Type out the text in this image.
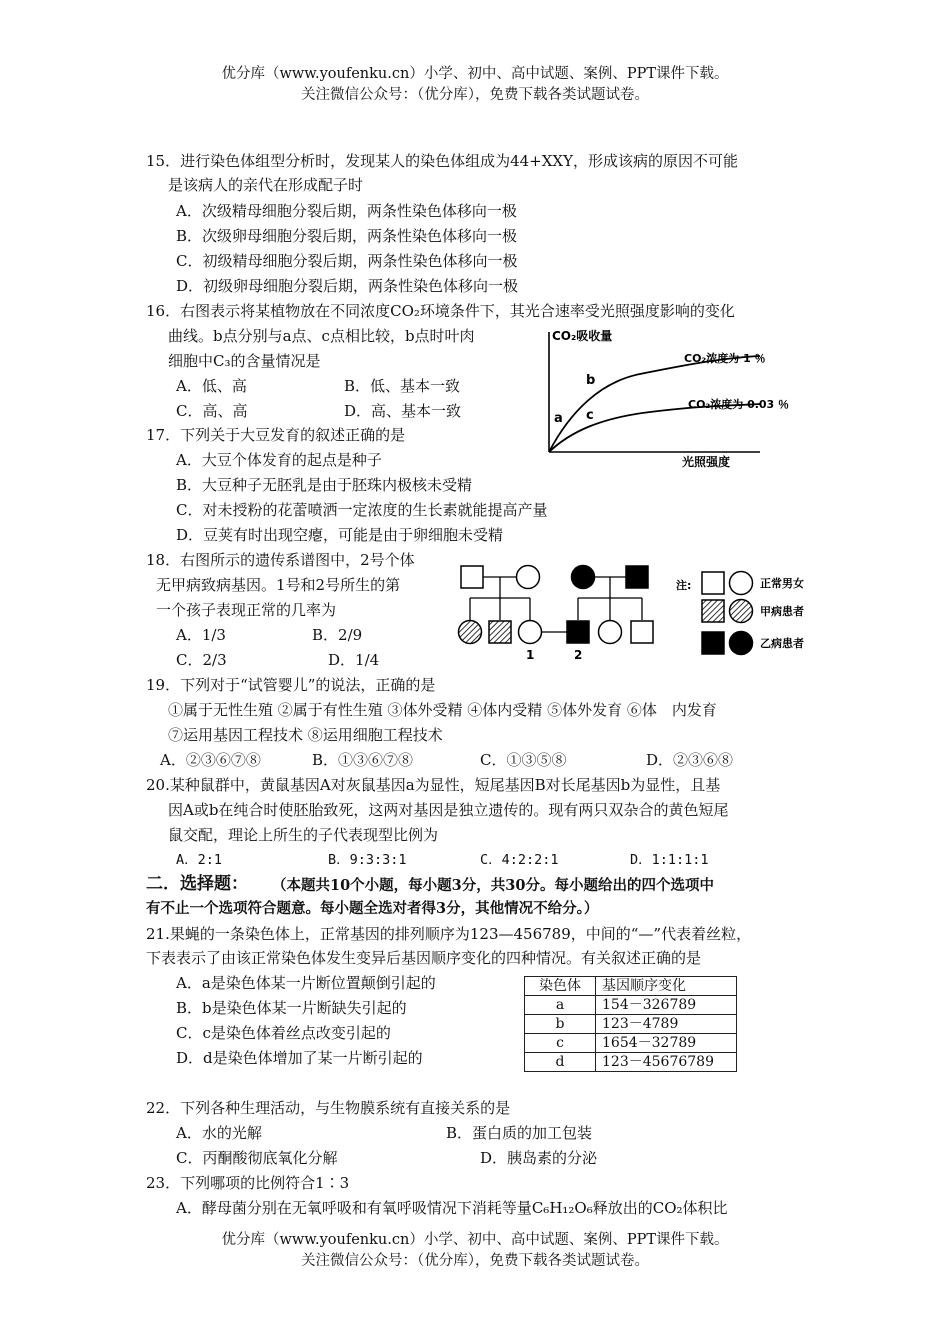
优分库（www.youfenku.cn）小学、初中、高中试题、案例、PPT课件下载。
关注微信公众号：（优分库），免费下载各类试题试卷。
15．进行染色体组型分析时，发现某人的染色体组成为44+XXY，形成该病的原因不可能
是该病人的亲代在形成配子时
A．次级精母细胞分裂后期，两条性染色体移向一极
B．次级卵母细胞分裂后期，两条性染色体移向一极
C．初级精母细胞分裂后期，两条性染色体移向一极
D．初级卵母细胞分裂后期，两条性染色体移向一极
16．右图表示将某植物放在不同浓度CO₂环境条件下，其光合速率受光照强度影响的变化
曲线。b点分别与a点、c点相比较，b点时叶肉
细胞中C₃的含量情况是
A．低、高	B．低、基本一致
C．高、高	D．高、基本一致
CO₂吸收量
光照强度
CO₂浓度为 1 ％
CO₂浓度为 0.03 ％
a
b
c
17．下列关于大豆发育的叙述正确的是
A．大豆个体发育的起点是种子
B．大豆种子无胚乳是由于胚珠内极核未受精
C．对未授粉的花蕾喷洒一定浓度的生长素就能提高产量
D．豆荚有时出现空瘪，可能是由于卵细胞未受精
18．右图所示的遗传系谱图中，2号个体
无甲病致病基因。1号和2号所生的第
一个孩子表现正常的几率为
A．1/3	B．2/9
C．2/3	D．1/4	1	2
注:	正常男女
甲病患者
乙病患者
19．下列对于“试管婴儿”的说法，正确的是
①属于无性生殖 ②属于有性生殖 ③体外受精 ④体内受精 ⑤体外发育 ⑥体　内发育
⑦运用基因工程技术 ⑧运用细胞工程技术
A．②③⑥⑦⑧	B．①③⑥⑦⑧	C．①③⑤⑧	D．②③⑥⑧
20.某种鼠群中，黄鼠基因A对灰鼠基因a为显性，短尾基因B对长尾基因b为显性，且基
因A或b在纯合时使胚胎致死，这两对基因是独立遗传的。现有两只双杂合的黄色短尾
鼠交配，理论上所生的子代表现型比例为
A．2:1	B．9:3:3:1	C．4:2:2:1	D．1:1:1:1
二．选择题： （本题共10个小题，每小题3分，共30分。每小题给出的四个选项中
有不止一个选项符合题意。每小题全选对者得3分，其他情况不给分。）
21.果蝇的一条染色体上，正常基因的排列顺序为123—456789，中间的“—”代表着丝粒，
下表表示了由该正常染色体发生变异后基因顺序变化的四种情况。有关叙述正确的是
A．a是染色体某一片断位置颠倒引起的
B．b是染色体某一片断缺失引起的
C．c是染色体着丝点改变引起的
D．d是染色体增加了某一片断引起的
染色体	基因顺序变化
a	154－326789
b	123－4789
c	1654－32789
d	123－45676789
22．下列各种生理活动，与生物膜系统有直接关系的是
A．水的光解	B．蛋白质的加工包装
C．丙酮酸彻底氧化分解	D．胰岛素的分泌
23．下列哪项的比例符合1∶3
A．酵母菌分别在无氧呼吸和有氧呼吸情况下消耗等量C₆H₁₂O₆释放出的CO₂体积比
优分库（www.youfenku.cn）小学、初中、高中试题、案例、PPT课件下载。
关注微信公众号：（优分库），免费下载各类试题试卷。
